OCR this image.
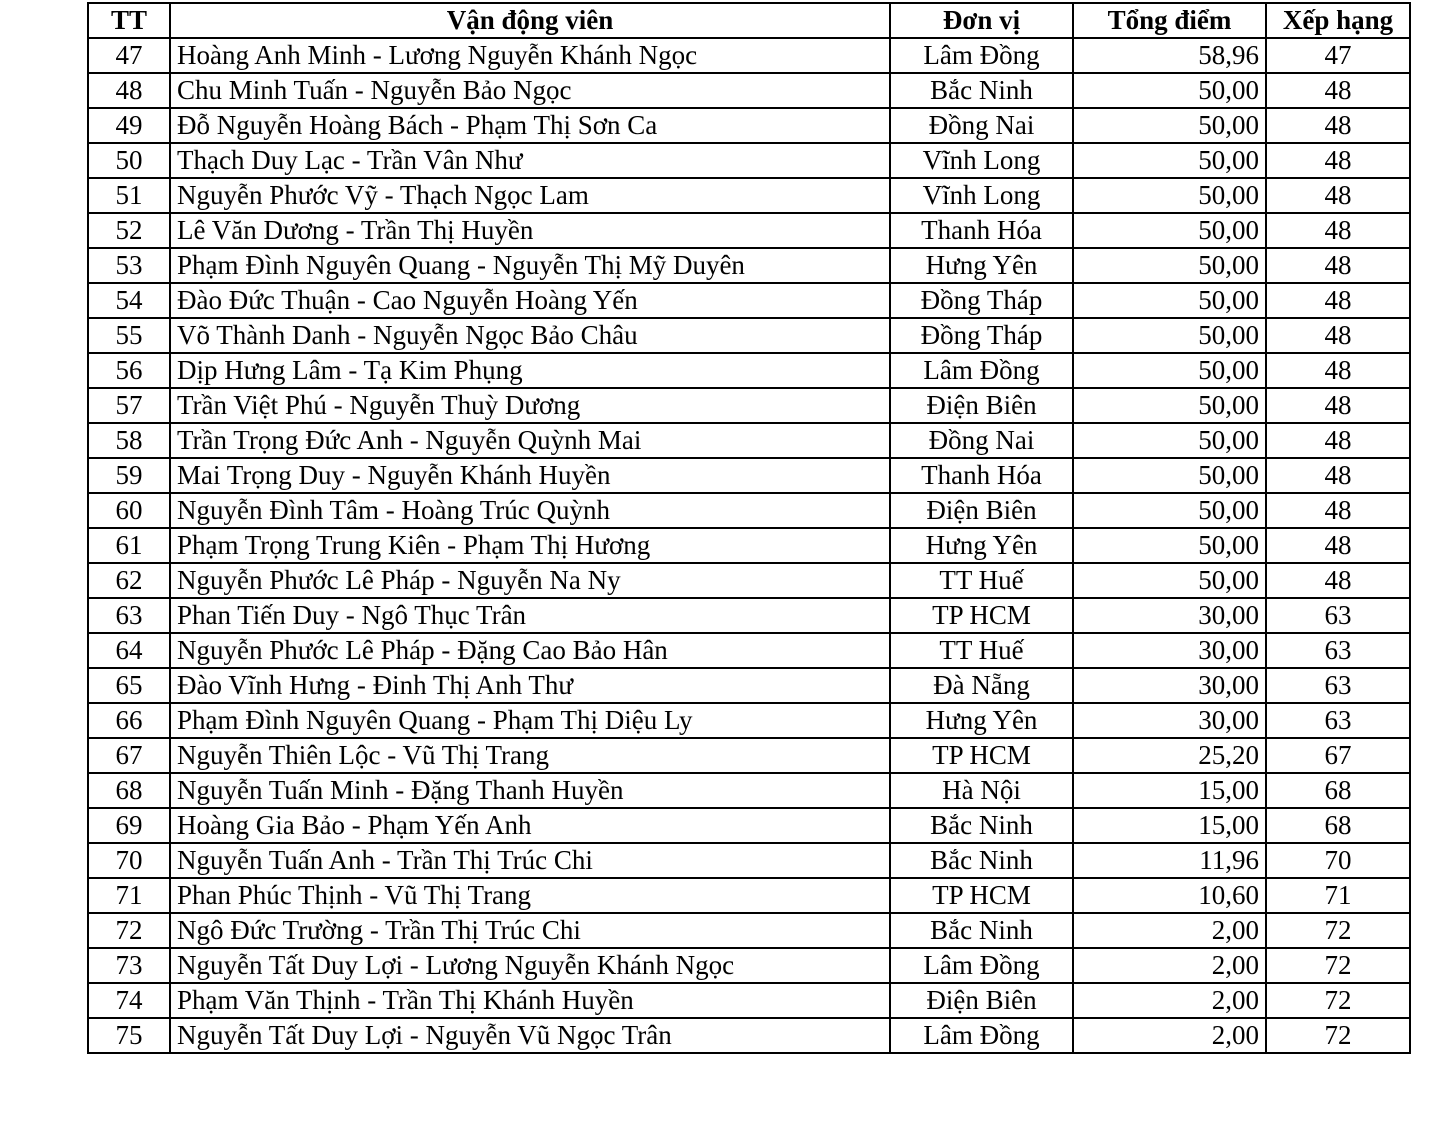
TT	Vận động viên	Đơn vị	Tổng điểm	Xếp hạng
47	Hoàng Anh Minh - Lương Nguyễn Khánh Ngọc	Lâm Đồng	58,96	47
48	Chu Minh Tuấn - Nguyễn Bảo Ngọc	Bắc Ninh	50,00	48
49	Đỗ Nguyễn Hoàng Bách - Phạm Thị Sơn Ca	Đồng Nai	50,00	48
50	Thạch Duy Lạc - Trần Vân Như	Vĩnh Long	50,00	48
51	Nguyễn Phước Vỹ - Thạch Ngọc Lam	Vĩnh Long	50,00	48
52	Lê Văn Dương - Trần Thị Huyền	Thanh Hóa	50,00	48
53	Phạm Đình Nguyên Quang - Nguyễn Thị Mỹ Duyên	Hưng Yên	50,00	48
54	Đào Đức Thuận - Cao Nguyễn Hoàng Yến	Đồng Tháp	50,00	48
55	Võ Thành Danh - Nguyễn Ngọc Bảo Châu	Đồng Tháp	50,00	48
56	Dịp Hưng Lâm - Tạ Kim Phụng	Lâm Đồng	50,00	48
57	Trần Việt Phú - Nguyễn Thuỳ Dương	Điện Biên	50,00	48
58	Trần Trọng Đức Anh - Nguyễn Quỳnh Mai	Đồng Nai	50,00	48
59	Mai Trọng Duy - Nguyễn Khánh Huyền	Thanh Hóa	50,00	48
60	Nguyễn Đình Tâm - Hoàng Trúc Quỳnh	Điện Biên	50,00	48
61	Phạm Trọng Trung Kiên - Phạm Thị Hương	Hưng Yên	50,00	48
62	Nguyễn Phước Lê Pháp - Nguyễn Na Ny	TT Huế	50,00	48
63	Phan Tiến Duy - Ngô Thục Trân	TP HCM	30,00	63
64	Nguyễn Phước Lê Pháp - Đặng Cao Bảo Hân	TT Huế	30,00	63
65	Đào Vĩnh Hưng - Đinh Thị Anh Thư	Đà Nẵng	30,00	63
66	Phạm Đình Nguyên Quang - Phạm Thị Diệu Ly	Hưng Yên	30,00	63
67	Nguyễn Thiên Lộc - Vũ Thị Trang	TP HCM	25,20	67
68	Nguyễn Tuấn Minh - Đặng Thanh Huyền	Hà Nội	15,00	68
69	Hoàng Gia Bảo - Phạm Yến Anh	Bắc Ninh	15,00	68
70	Nguyễn Tuấn Anh - Trần Thị Trúc Chi	Bắc Ninh	11,96	70
71	Phan Phúc Thịnh - Vũ Thị Trang	TP HCM	10,60	71
72	Ngô Đức Trường - Trần Thị Trúc Chi	Bắc Ninh	2,00	72
73	Nguyễn Tất Duy Lợi - Lương Nguyễn Khánh Ngọc	Lâm Đồng	2,00	72
74	Phạm Văn Thịnh - Trần Thị Khánh Huyền	Điện Biên	2,00	72
75	Nguyễn Tất Duy Lợi - Nguyễn Vũ Ngọc Trân	Lâm Đồng	2,00	72
